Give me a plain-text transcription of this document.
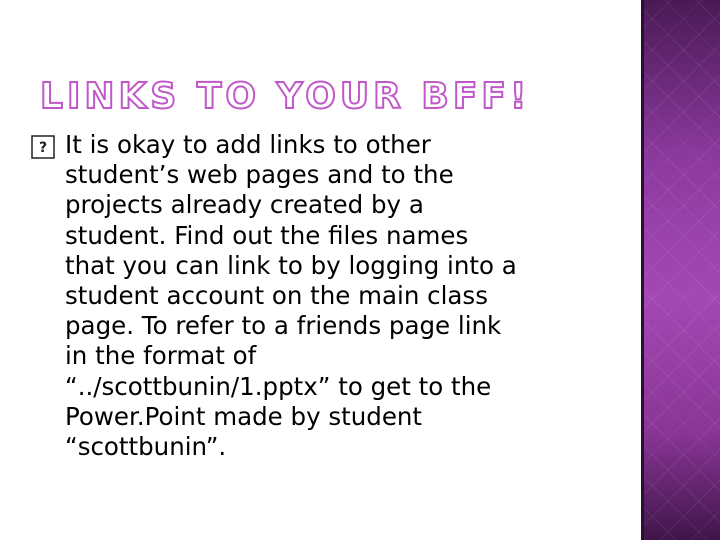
LINKS TO YOUR BFF!
? It is okay to add links to other
student’s web pages and to the
projects already created by a
student. Find out the files names
that you can link to by logging into a
student account on the main class
page. To refer to a friends page link
in the format of
“../scottbunin/1.pptx” to get to the
Power.Point made by student
“scottbunin”.
